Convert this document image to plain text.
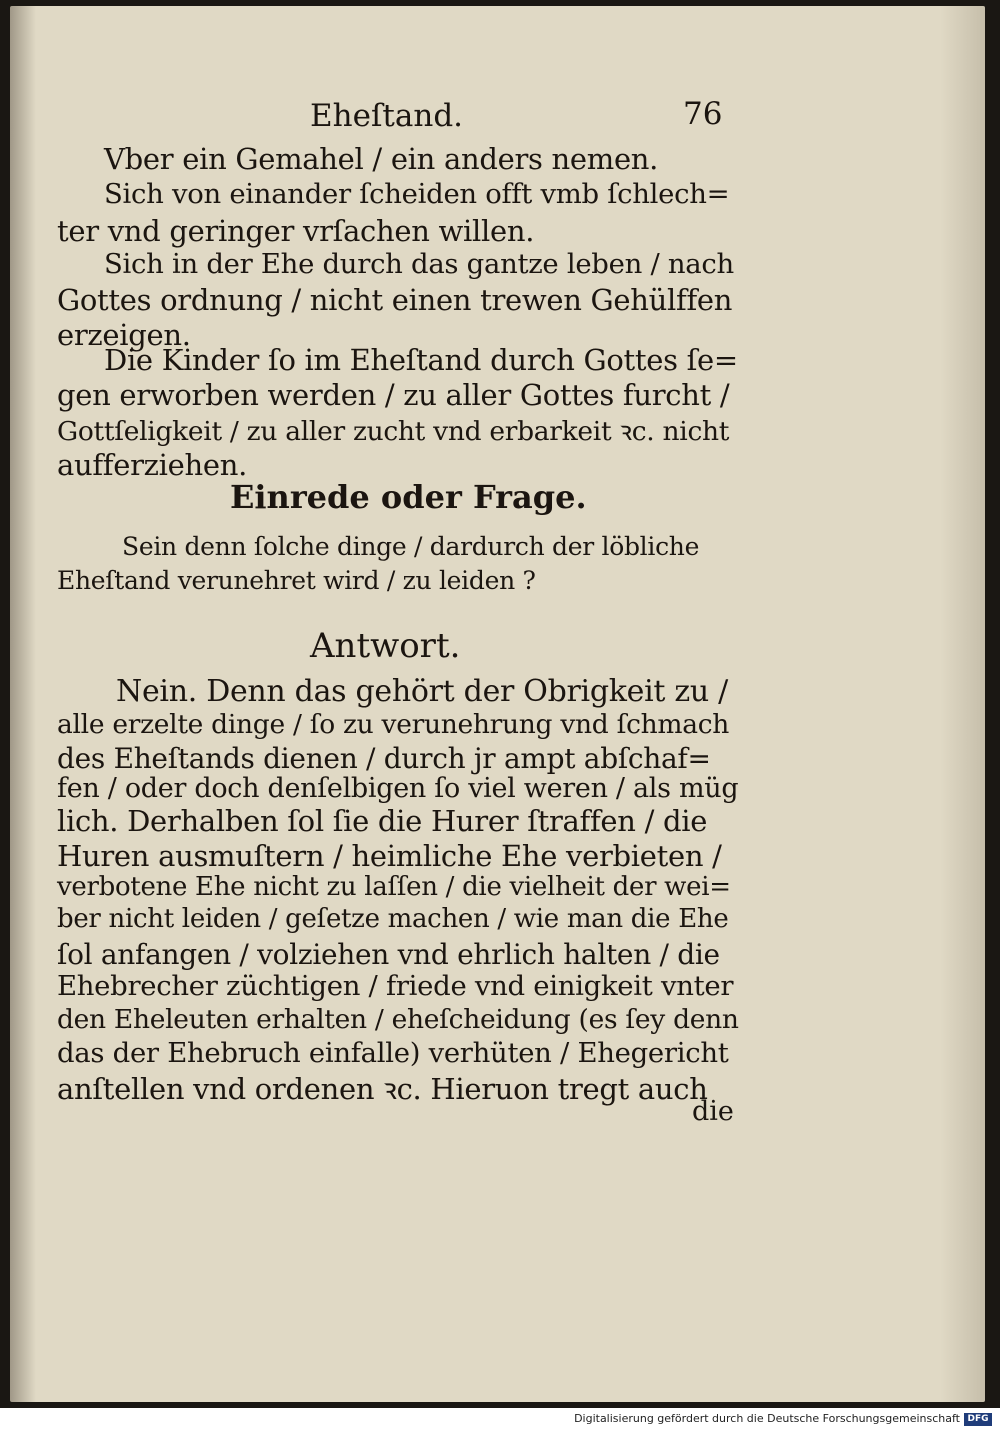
Eheſtand.	76
Vber ein Gemahel / ein anders nemen.
Sich von einander ſcheiden offt vmb ſchlech=
ter vnd geringer vrſachen willen.
Sich in der Ehe durch das gantze leben / nach
Gottes ordnung / nicht einen trewen Gehülffen
erzeigen.
Die Kinder ſo im Eheſtand durch Gottes ſe=
gen erworben werden / zu aller Gottes furcht /
Gottſeligkeit / zu aller zucht vnd erbarkeit ꝛc. nicht
aufferziehen.
Einrede oder Frage.
Sein denn ſolche dinge / dardurch der löbliche
Eheſtand verunehret wird / zu leiden ?
Antwort.
Nein. Denn das gehört der Obrigkeit zu /
alle erzelte dinge / ſo zu verunehrung vnd ſchmach
des Eheſtands dienen / durch jr ampt abſchaf=
fen / oder doch denſelbigen ſo viel weren / als müg
lich. Derhalben ſol ſie die Hurer ſtraffen / die
Huren ausmuſtern / heimliche Ehe verbieten /
verbotene Ehe nicht zu laſſen / die vielheit der wei=
ber nicht leiden / geſetze machen / wie man die Ehe
ſol anfangen / volziehen vnd ehrlich halten / die
Ehebrecher züchtigen / friede vnd einigkeit vnter
den Eheleuten erhalten / eheſcheidung (es ſey denn
das der Ehebruch einfalle) verhüten / Ehegericht
anſtellen vnd ordenen ꝛc. Hieruon tregt auch
die
Digitalisierung gefördert durch die Deutsche Forschungsgemeinschaft DFG
